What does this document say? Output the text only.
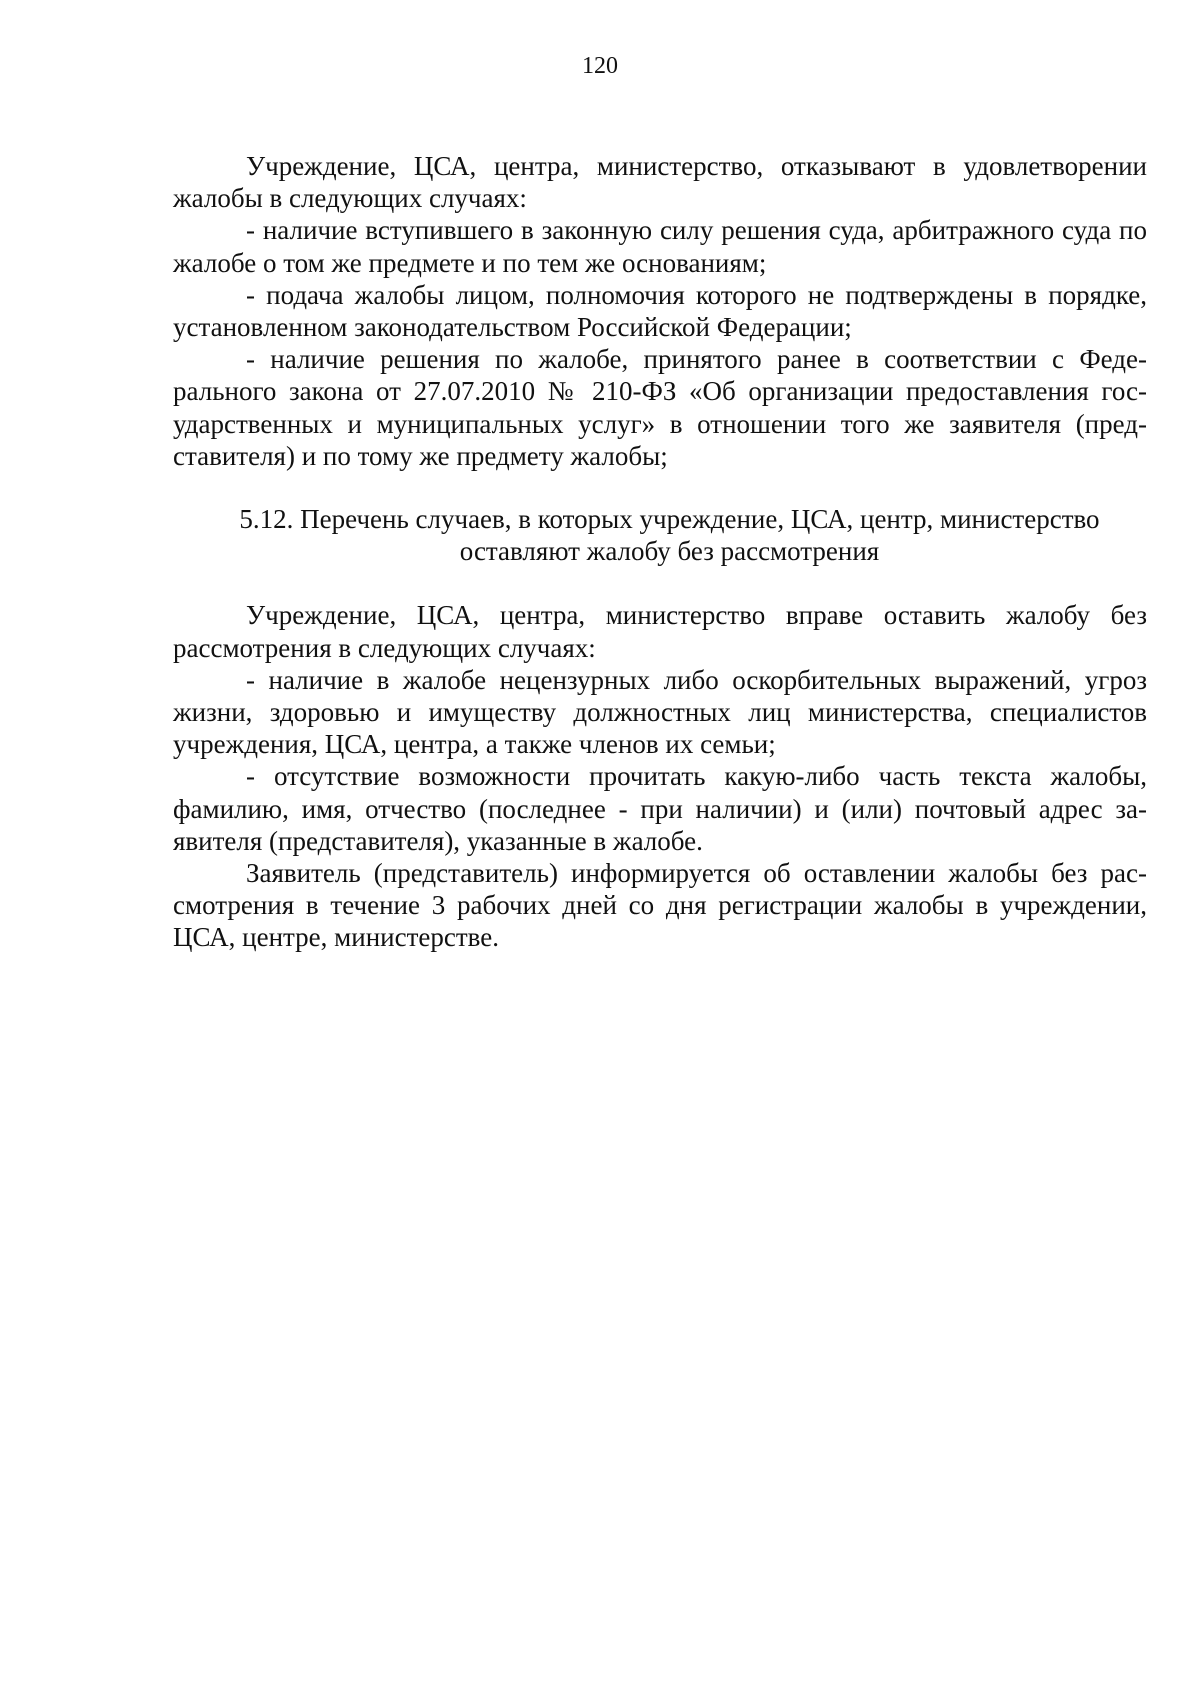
120

Учреждение, ЦСА, центра, министерство, отказывают в удовлетворении жалобы в следующих случаях:

- наличие вступившего в законную силу решения суда, арбитражного суда по жалобе о том же предмете и по тем же основаниям;

- подача жалобы лицом, полномочия которого не подтверждены в порядке, установленном законодательством Российской Федерации;

- наличие решения по жалобе, принятого ранее в соответствии с Федерального закона от 27.07.2010 № 210-ФЗ «Об организации предоставления государственных и муниципальных услуг» в отношении того же заявителя (представителя) и по тому же предмету жалобы;

5.12. Перечень случаев, в которых учреждение, ЦСА, центр, министерство оставляют жалобу без рассмотрения

Учреждение, ЦСА, центра, министерство вправе оставить жалобу без рассмотрения в следующих случаях:

- наличие в жалобе нецензурных либо оскорбительных выражений, угроз жизни, здоровью и имуществу должностных лиц министерства, специалистов учреждения, ЦСА, центра, а также членов их семьи;

- отсутствие возможности прочитать какую-либо часть текста жалобы, фамилию, имя, отчество (последнее - при наличии) и (или) почтовый адрес заявителя (представителя), указанные в жалобе.

Заявитель (представитель) информируется об оставлении жалобы без рассмотрения в течение 3 рабочих дней со дня регистрации жалобы в учреждении, ЦСА, центре, министерстве.
